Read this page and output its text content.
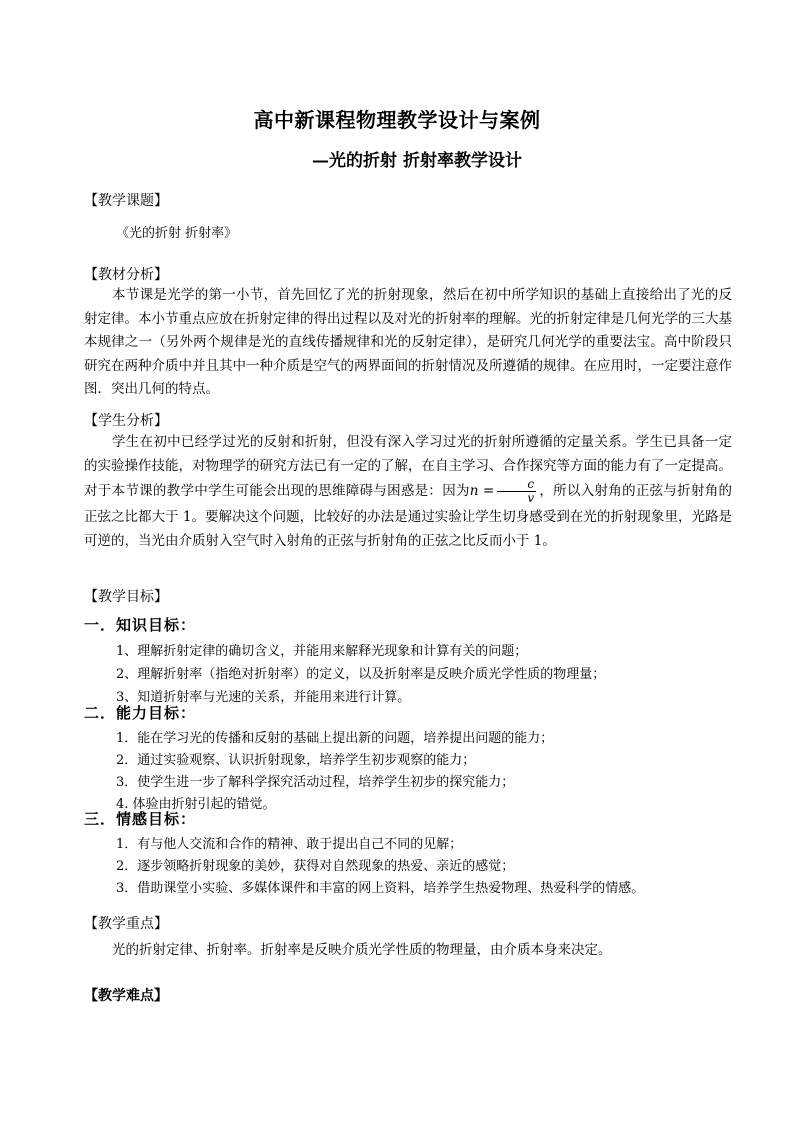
高中新课程物理教学设计与案例
—光的折射 折射率教学设计
【教学课题】
《光的折射 折射率》
【教材分析】

本节课是光学的第一小节，首先回忆了光的折射现象，然后在初中所学知识的基础上直接给出了光的反射定律。本小节重点应放在折射定律的得出过程以及对光的折射率的理解。光的折射定律是几何光学的三大基本规律之一（另外两个规律是光的直线传播规律和光的反射定律），是研究几何光学的重要法宝。高中阶段只研究在两种介质中并且其中一种介质是空气的两界面间的折射情况及所遵循的规律。在应用时，一定要注意作图．突出几何的特点。

【学生分析】

学生在初中已经学过光的反射和折射，但没有深入学习过光的折射所遵循的定量关系。学生已具备一定的实验操作技能，对物理学的研究方法已有一定的了解，在自主学习、合作探究等方面的能力有了一定提高。对于本节课的教学中学生可能会出现的思维障碍与困惑是：因为$n = \frac{c}{v}$ ，所以入射角的正弦与折射角的正弦之比都大于 1。要解决这个问题，比较好的办法是通过实验让学生切身感受到在光的折射现象里，光路是可逆的，当光由介质射入空气时入射角的正弦与折射角的正弦之比反而小于 1。

【教学目标】
一．知识目标：
1、理解折射定律的确切含义，并能用来解释光现象和计算有关的问题；
2、理解折射率（指绝对折射率）的定义，以及折射率是反映介质光学性质的物理量；
3、知道折射率与光速的关系，并能用来进行计算。
二．能力目标：
1．能在学习光的传播和反射的基础上提出新的问题，培养提出问题的能力；
2．通过实验观察、认识折射现象，培养学生初步观察的能力；
3．使学生进一步了解科学探究活动过程，培养学生初步的探究能力；
4. 体验由折射引起的错觉。
三．情感目标：
1．有与他人交流和合作的精神、敢于提出自己不同的见解；
2．逐步领略折射现象的美妙，获得对自然现象的热爱、亲近的感觉；
3．借助课堂小实验、多媒体课件和丰富的网上资料，培养学生热爱物理、热爱科学的情感。
【教学重点】
光的折射定律、折射率。折射率是反映介质光学性质的物理量，由介质本身来决定。
【教学难点】
